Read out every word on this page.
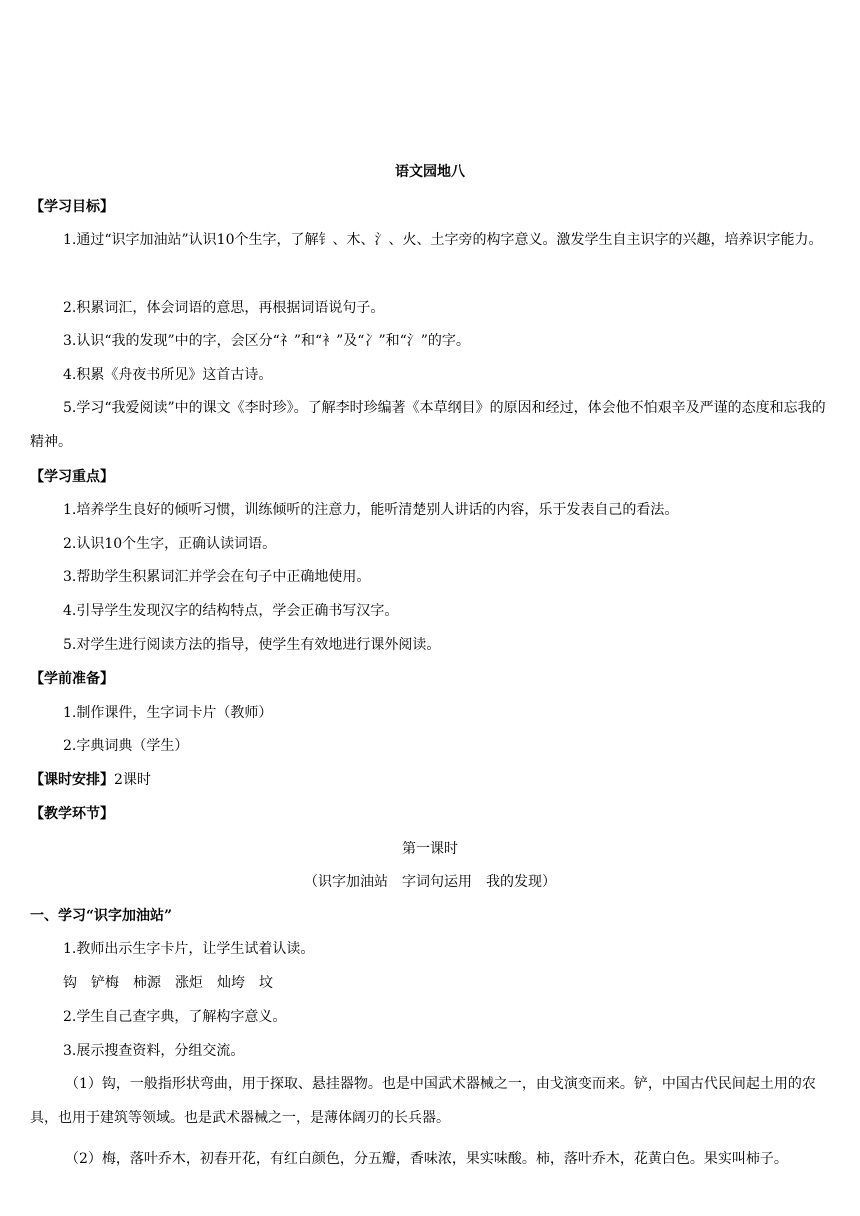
语文园地八
【学习目标】
1.通过“识字加油站”认识10个生字，了解钅、木、氵、火、土字旁的构字意义。激发学生自主识字的兴趣，培养识字能力。
2.积累词汇，体会词语的意思，再根据词语说句子。
3.认识“我的发现”中的字，会区分“礻”和“衤”及“冫”和“氵”的字。
4.积累《舟夜书所见》这首古诗。
5.学习“我爱阅读”中的课文《李时珍》。了解李时珍编著《本草纲目》的原因和经过，体会他不怕艰辛及严谨的态度和忘我的精神。
【学习重点】
1.培养学生良好的倾听习惯，训练倾听的注意力，能听清楚别人讲话的内容，乐于发表自己的看法。
2.认识10个生字，正确认读词语。
3.帮助学生积累词汇并学会在句子中正确地使用。
4.引导学生发现汉字的结构特点，学会正确书写汉字。
5.对学生进行阅读方法的指导，使学生有效地进行课外阅读。
【学前准备】
1.制作课件，生字词卡片（教师）
2.字典词典（学生）
【课时安排】2课时
【教学环节】
第一课时
（识字加油站　字词句运用　我的发现）
一、学习“识字加油站”
1.教师出示生字卡片，让学生试着认读。
钩 铲梅 柿源 涨炬 灿垮 坟
2.学生自己查字典，了解构字意义。
3.展示搜查资料，分组交流。
（1）钩，一般指形状弯曲，用于探取、悬挂器物。也是中国武术器械之一，由戈演变而来。铲，中国古代民间起土用的农具，也用于建筑等领域。也是武术器械之一，是薄体阔刃的长兵器。
（2）梅，落叶乔木，初春开花，有红白颜色，分五瓣，香味浓，果实味酸。柿，落叶乔木，花黄白色。果实叫柿子。
